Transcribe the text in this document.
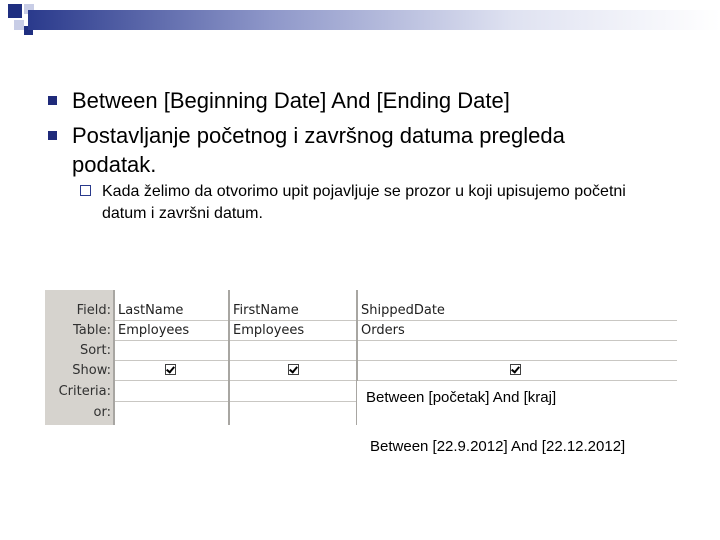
Between [Beginning Date] And [Ending Date]
Postavljanje početnog i završnog datuma pregleda podatak.
Kada želimo da otvorimo upit pojavljuje se prozor u koji upisujemo početni datum i završni datum.
Field:
Table:
Sort:
Show:
Criteria:
or:
LastName
Employees
FirstName
Employees
ShippedDate
Orders
Between [početak] And [kraj]
Between [22.9.2012] And [22.12.2012]
